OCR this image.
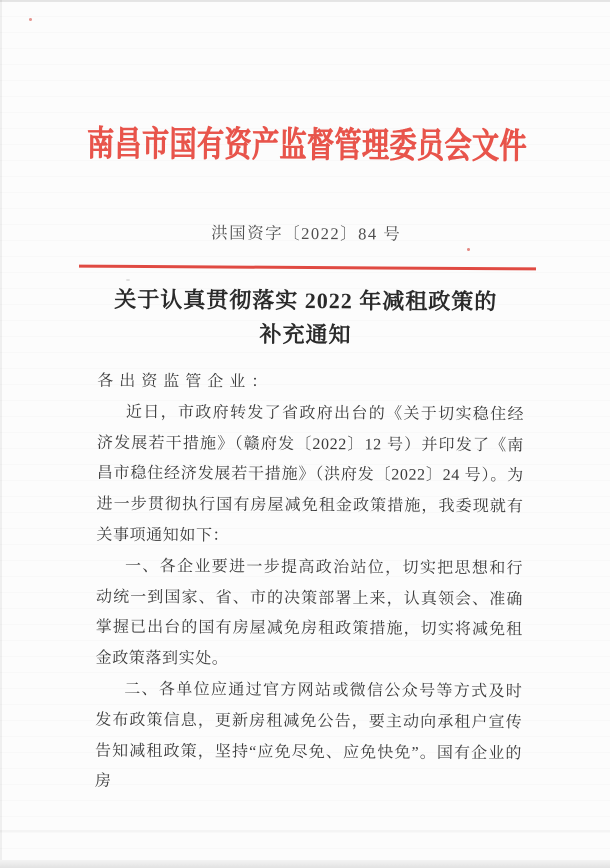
南昌市国有资产监督管理委员会文件
洪国资字〔2022〕84 号
关于认真贯彻落实 2022 年减租政策的
补充通知

各出资监管企业：

近日，市政府转发了省政府出台的《关于切实稳住经济发展若干措施》（赣府发〔2022〕12 号）并印发了《南昌市稳住经济发展若干措施》（洪府发〔2022〕24 号）。为进一步贯彻执行国有房屋减免租金政策措施，我委现就有关事项通知如下：

一、各企业要进一步提高政治站位，切实把思想和行动统一到国家、省、市的决策部署上来，认真领会、准确掌握已出台的国有房屋减免房租政策措施，切实将减免租金政策落到实处。

二、各单位应通过官方网站或微信公众号等方式及时发布政策信息，更新房租减免公告，要主动向承租户宣传告知减租政策，坚持“应免尽免、应免快免”。国有企业的房
